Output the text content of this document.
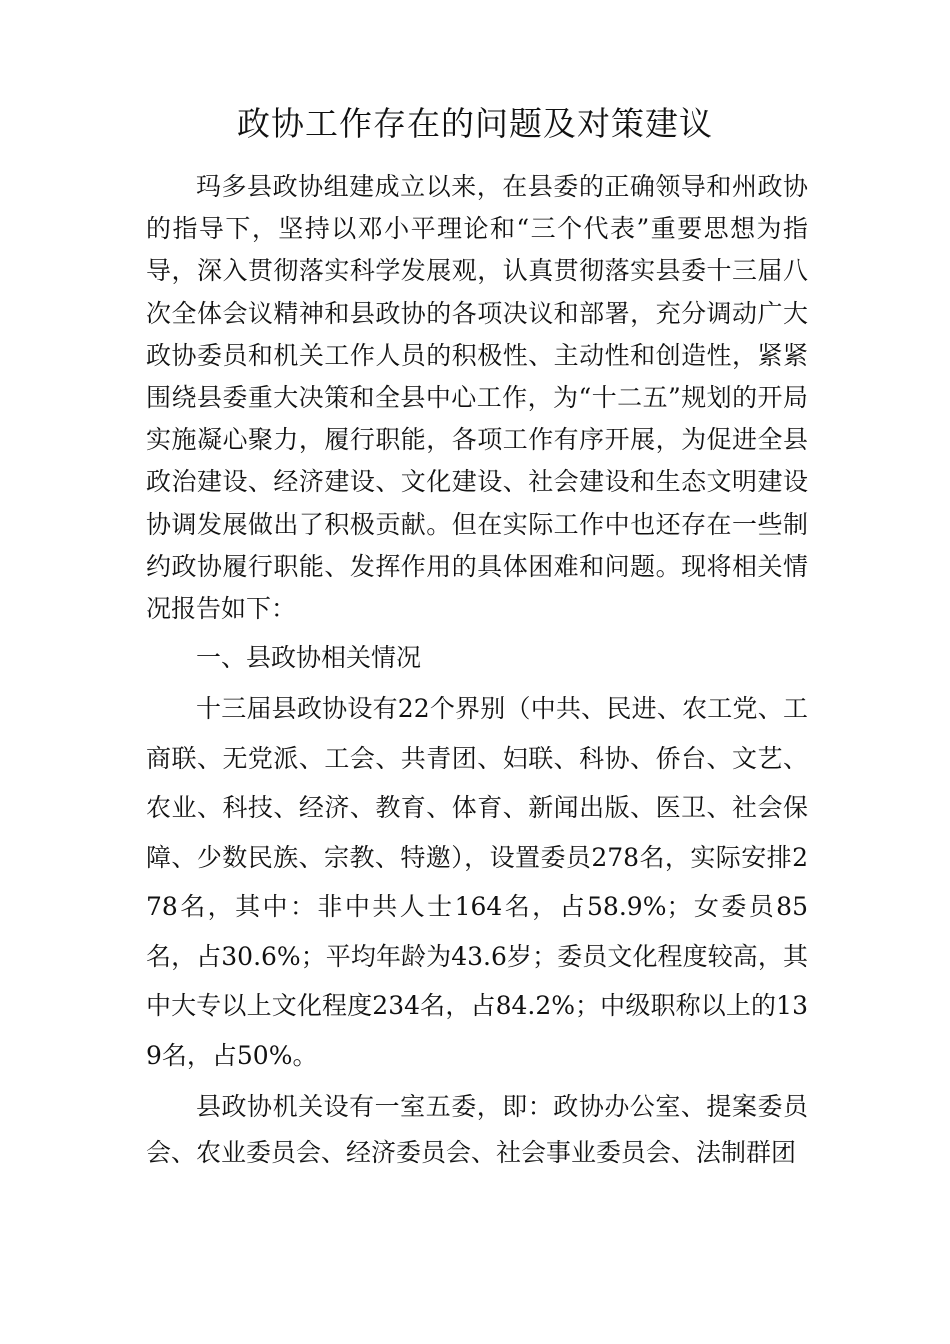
政协工作存在的问题及对策建议

玛多县政协组建成立以来，在县委的正确领导和州政协的指导下，坚持以邓小平理论和“三个代表”重要思想为指导，深入贯彻落实科学发展观，认真贯彻落实县委十三届八次全体会议精神和县政协的各项决议和部署，充分调动广大政协委员和机关工作人员的积极性、主动性和创造性，紧紧围绕县委重大决策和全县中心工作，为“十二五”规划的开局实施凝心聚力，履行职能，各项工作有序开展，为促进全县政治建设、经济建设、文化建设、社会建设和生态文明建设协调发展做出了积极贡献。但在实际工作中也还存在一些制约政协履行职能、发挥作用的具体困难和问题。现将相关情况报告如下：

一、县政协相关情况

十三届县政协设有22个界别（中共、民进、农工党、工商联、无党派、工会、共青团、妇联、科协、侨台、文艺、农业、科技、经济、教育、体育、新闻出版、医卫、社会保障、少数民族、宗教、特邀），设置委员278名，实际安排278名，其中：非中共人士164名，占58.9%；女委员85名，占30.6%；平均年龄为43.6岁；委员文化程度较高，其中大专以上文化程度234名，占84.2%；中级职称以上的139名，占50%。

县政协机关设有一室五委，即：政协办公室、提案委员会、农业委员会、经济委员会、社会事业委员会、法制群团
